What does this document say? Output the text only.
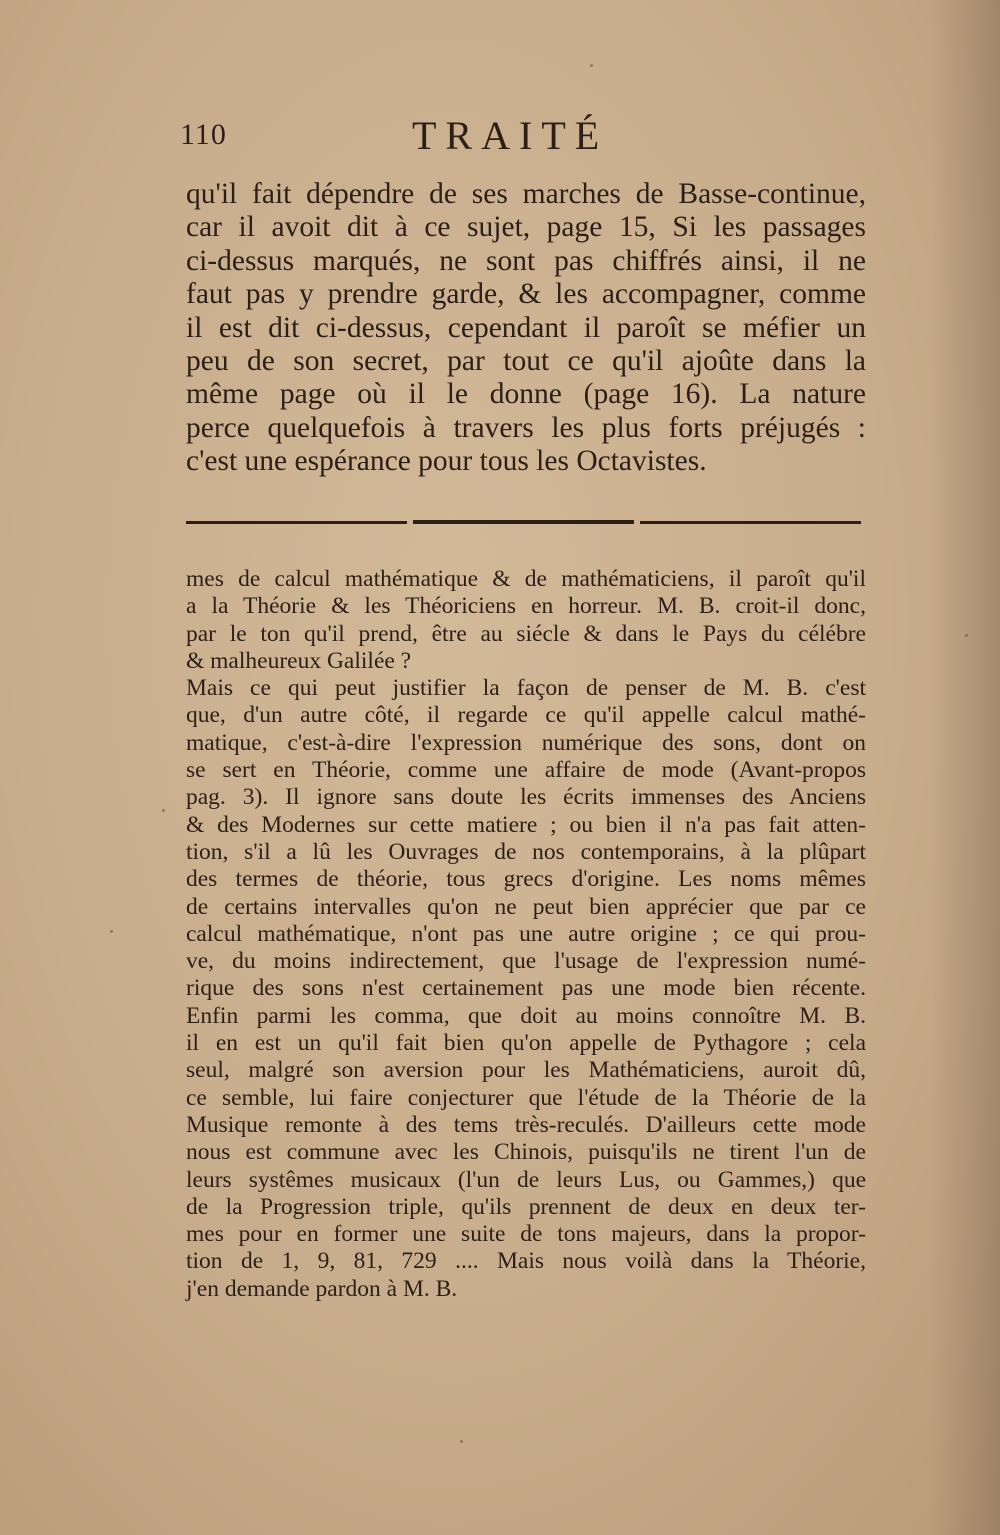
110	TRAITÉ
qu'il fait dépendre de ses marches de Basse-continue,
car il avoit dit à ce sujet, page 15, Si les passages
ci-dessus marqués, ne sont pas chiffrés ainsi, il ne
faut pas y prendre garde, & les accompagner, comme
il est dit ci-dessus, cependant il paroît se méfier un
peu de son secret, par tout ce qu'il ajoûte dans la
même page où il le donne (page 16). La nature
perce quelquefois à travers les plus forts préjugés :
c'est une espérance pour tous les Octavistes.
mes de calcul mathématique & de mathématiciens, il paroît qu'il
a la Théorie & les Théoriciens en horreur. M. B. croit-il donc,
par le ton qu'il prend, être au siécle & dans le Pays du célébre
& malheureux Galilée ?
Mais ce qui peut justifier la façon de penser de M. B. c'est
que, d'un autre côté, il regarde ce qu'il appelle calcul mathé-
matique, c'est-à-dire l'expression numérique des sons, dont on
se sert en Théorie, comme une affaire de mode (Avant-propos
pag. 3). Il ignore sans doute les écrits immenses des Anciens
& des Modernes sur cette matiere ; ou bien il n'a pas fait atten-
tion, s'il a lû les Ouvrages de nos contemporains, à la plûpart
des termes de théorie, tous grecs d'origine. Les noms mêmes
de certains intervalles qu'on ne peut bien apprécier que par ce
calcul mathématique, n'ont pas une autre origine ; ce qui prou-
ve, du moins indirectement, que l'usage de l'expression numé-
rique des sons n'est certainement pas une mode bien récente.
Enfin parmi les comma, que doit au moins connoître M. B.
il en est un qu'il fait bien qu'on appelle de Pythagore ; cela
seul, malgré son aversion pour les Mathématiciens, auroit dû,
ce semble, lui faire conjecturer que l'étude de la Théorie de la
Musique remonte à des tems très-reculés. D'ailleurs cette mode
nous est commune avec les Chinois, puisqu'ils ne tirent l'un de
leurs systêmes musicaux (l'un de leurs Lus, ou Gammes,) que
de la Progression triple, qu'ils prennent de deux en deux ter-
mes pour en former une suite de tons majeurs, dans la propor-
tion de 1, 9, 81, 729 .... Mais nous voilà dans la Théorie,
j'en demande pardon à M. B.
